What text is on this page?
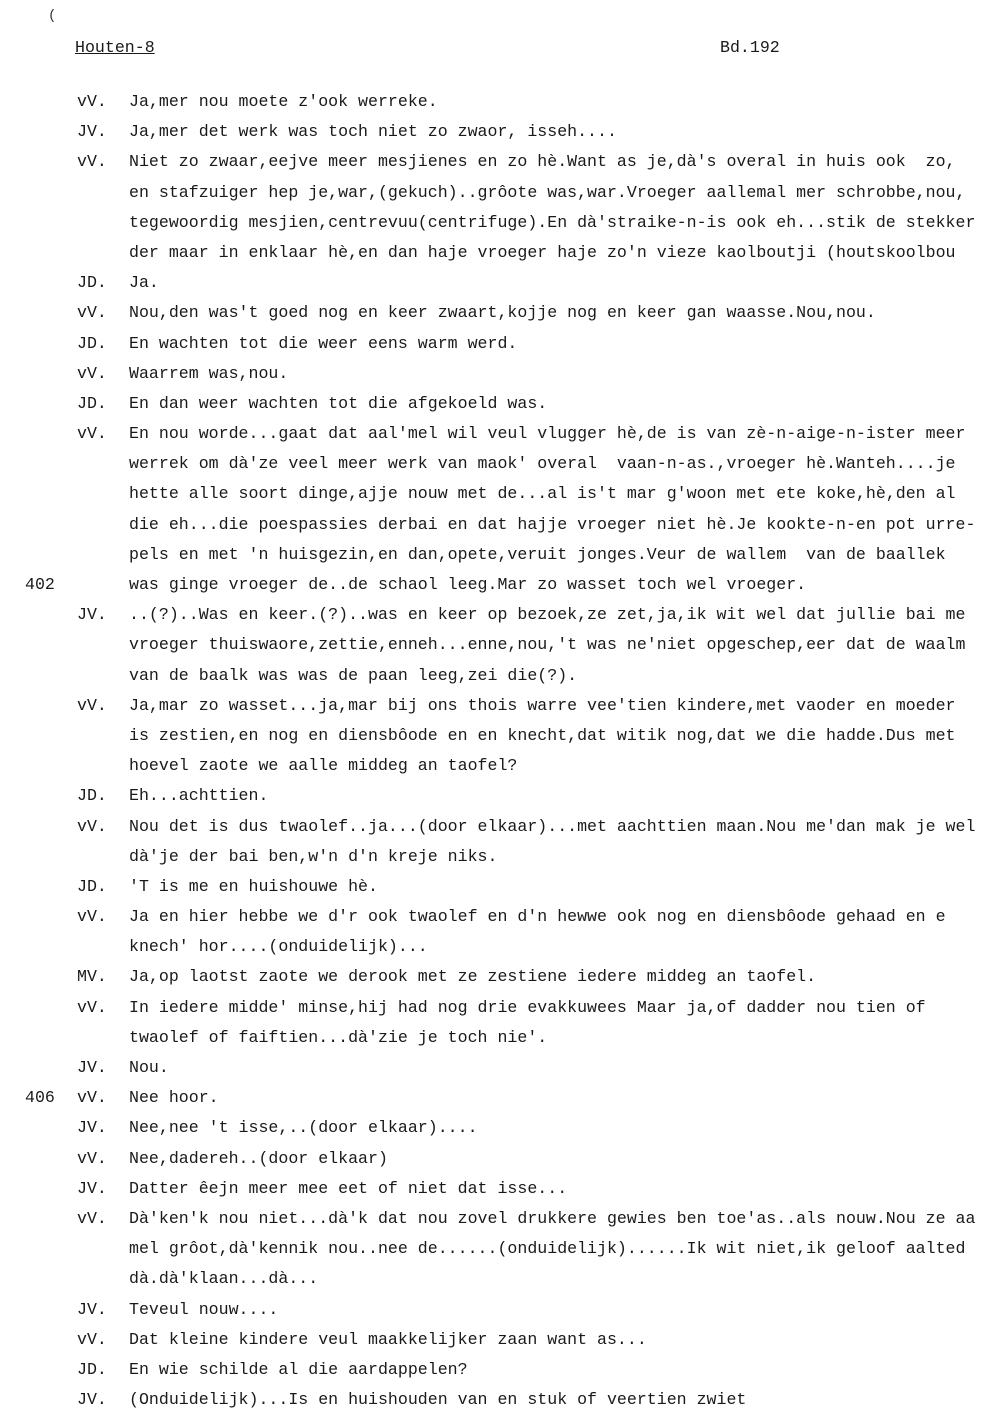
(
Houten-8	Bd.192
vV.	Ja,mer nou moete z'ook werreke.
JV.	Ja,mer det werk was toch niet zo zwaor, isseh....
vV.	Niet zo zwaar,eejve meer mesjienes en zo hè.Want as je,dà's overal in huis ook  zo,
en stafzuiger hep je,war,(gekuch)..grôote was,war.Vroeger aallemal mer schrobbe,nou,
tegewoordig mesjien,centrevuu(centrifuge).En dà'straike-n-is ook eh...stik de stekker
der maar in enklaar hè,en dan haje vroeger haje zo'n vieze kaolboutji (houtskoolbou
JD.	Ja.
vV.	Nou,den was't goed nog en keer zwaart,kojje nog en keer gan waasse.Nou,nou.
JD.	En wachten tot die weer eens warm werd.
vV.	Waarrem was,nou.
JD.	En dan weer wachten tot die afgekoeld was.
vV.	En nou worde...gaat dat aal'mel wil veul vlugger hè,de is van zè-n-aige-n-ister meer
werrek om dà'ze veel meer werk van maok' overal  vaan-n-as.,vroeger hè.Wanteh....je
hette alle soort dinge,ajje nouw met de...al is't mar g'woon met ete koke,hè,den al
die eh...die poespassies derbai en dat hajje vroeger niet hè.Je kookte-n-en pot urre-
pels en met 'n huisgezin,en dan,opete,veruit jonges.Veur de wallem  van de baallek
402	was ginge vroeger de..de schaol leeg.Mar zo wasset toch wel vroeger.
JV.	..(?)..Was en keer.(?)..was en keer op bezoek,ze zet,ja,ik wit wel dat jullie bai me
vroeger thuiswaore,zettie,enneh...enne,nou,'t was ne'niet opgeschep,eer dat de waalm
van de baalk was was de paan leeg,zei die(?).
vV.	Ja,mar zo wasset...ja,mar bij ons thois warre vee'tien kindere,met vaoder en moeder
is zestien,en nog en diensbôode en en knecht,dat witik nog,dat we die hadde.Dus met
hoevel zaote we aalle middeg an taofel?
JD.	Eh...achttien.
vV.	Nou det is dus twaolef..ja...(door elkaar)...met aachttien maan.Nou me'dan mak je wel
dà'je der bai ben,w'n d'n kreje niks.
JD.	'T is me en huishouwe hè.
vV.	Ja en hier hebbe we d'r ook twaolef en d'n hewwe ook nog en diensbôode gehaad en e
knech' hor....(onduidelijk)...
MV.	Ja,op laotst zaote we derook met ze zestiene iedere middeg an taofel.
vV.	In iedere midde' minse,hij had nog drie evakkuwees Maar ja,of dadder nou tien of
twaolef of faiftien...dà'zie je toch nie'.
JV.	Nou.
406	vV.	Nee hoor.
JV.	Nee,nee 't isse,..(door elkaar)....
vV.	Nee,dadereh..(door elkaar)
JV.	Datter êejn meer mee eet of niet dat isse...
vV.	Dà'ken'k nou niet...dà'k dat nou zovel drukkere gewies ben toe'as..als nouw.Nou ze aa
mel grôot,dà'kennik nou..nee de......(onduidelijk)......Ik wit niet,ik geloof aalted
dà.dà'klaan...dà...
JV.	Teveul nouw....
vV.	Dat kleine kindere veul maakkelijker zaan want as...
JD.	En wie schilde al die aardappelen?
JV.	(Onduidelijk)...Is en huishouden van en stuk of veertien zwiet
